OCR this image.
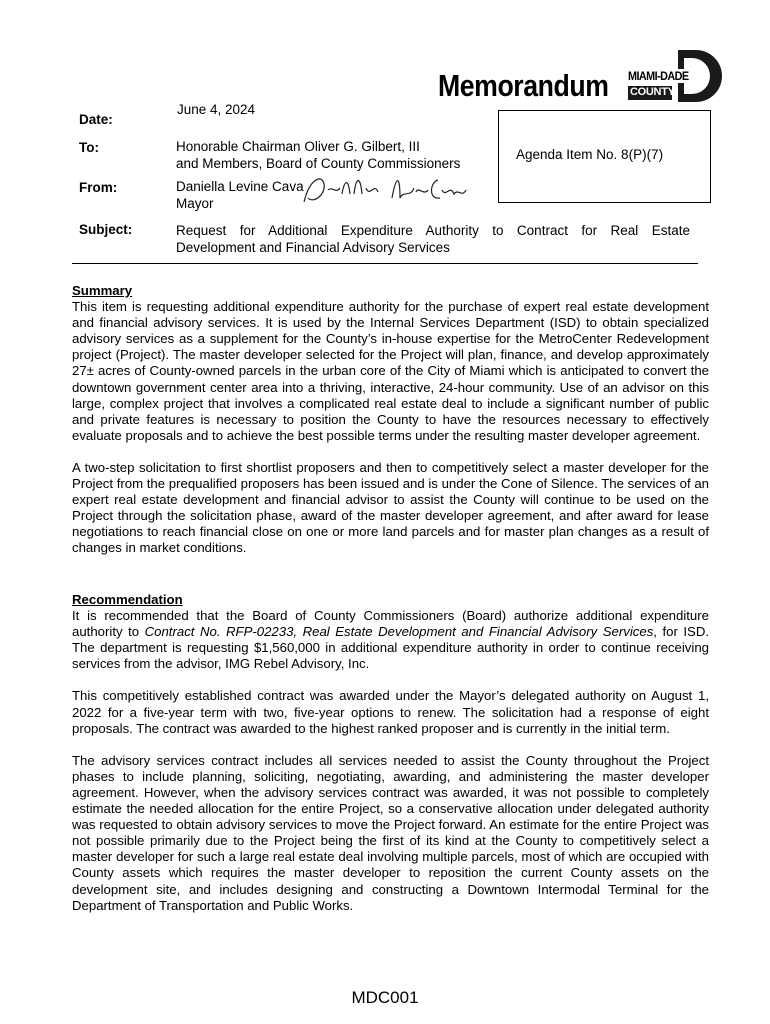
Memorandum MIAMI-DADE
COUNTY
Date:
June 4, 2024
To:	Honorable Chairman Oliver G. Gilbert, III
and Members, Board of County Commissioners
From:	Daniella Levine Cava
Mayor
Subject:	Request for Additional Expenditure Authority to Contract for Real Estate
Development and Financial Advisory Services
Agenda Item No. 8(P)(7)
Summary
This item is requesting additional expenditure authority for the purchase of expert real estate development and financial advisory services. It is used by the Internal Services Department (ISD) to obtain specialized advisory services as a supplement for the County’s in-house expertise for the MetroCenter Redevelopment project (Project). The master developer selected for the Project will plan, finance, and develop approximately 27± acres of County-owned parcels in the urban core of the City of Miami which is anticipated to convert the downtown government center area into a thriving, interactive, 24-hour community. Use of an advisor on this large, complex project that involves a complicated real estate deal to include a significant number of public and private features is necessary to position the County to have the resources necessary to effectively evaluate proposals and to achieve the best possible terms under the resulting master developer agreement.
A two-step solicitation to first shortlist proposers and then to competitively select a master developer for the Project from the prequalified proposers has been issued and is under the Cone of Silence. The services of an expert real estate development and financial advisor to assist the County will continue to be used on the Project through the solicitation phase, award of the master developer agreement, and after award for lease negotiations to reach financial close on one or more land parcels and for master plan changes as a result of changes in market conditions.
Recommendation
It is recommended that the Board of County Commissioners (Board) authorize additional expenditure authority to Contract No. RFP-02233, Real Estate Development and Financial Advisory Services, for ISD. The department is requesting $1,560,000 in additional expenditure authority in order to continue receiving services from the advisor, IMG Rebel Advisory, Inc.
This competitively established contract was awarded under the Mayor’s delegated authority on August 1, 2022 for a five-year term with two, five-year options to renew. The solicitation had a response of eight proposals. The contract was awarded to the highest ranked proposer and is currently in the initial term.
The advisory services contract includes all services needed to assist the County throughout the Project phases to include planning, soliciting, negotiating, awarding, and administering the master developer agreement. However, when the advisory services contract was awarded, it was not possible to completely estimate the needed allocation for the entire Project, so a conservative allocation under delegated authority was requested to obtain advisory services to move the Project forward. An estimate for the entire Project was not possible primarily due to the Project being the first of its kind at the County to competitively select a master developer for such a large real estate deal involving multiple parcels, most of which are occupied with County assets which requires the master developer to reposition the current County assets on the development site, and includes designing and constructing a Downtown Intermodal Terminal for the Department of Transportation and Public Works.
MDC001
